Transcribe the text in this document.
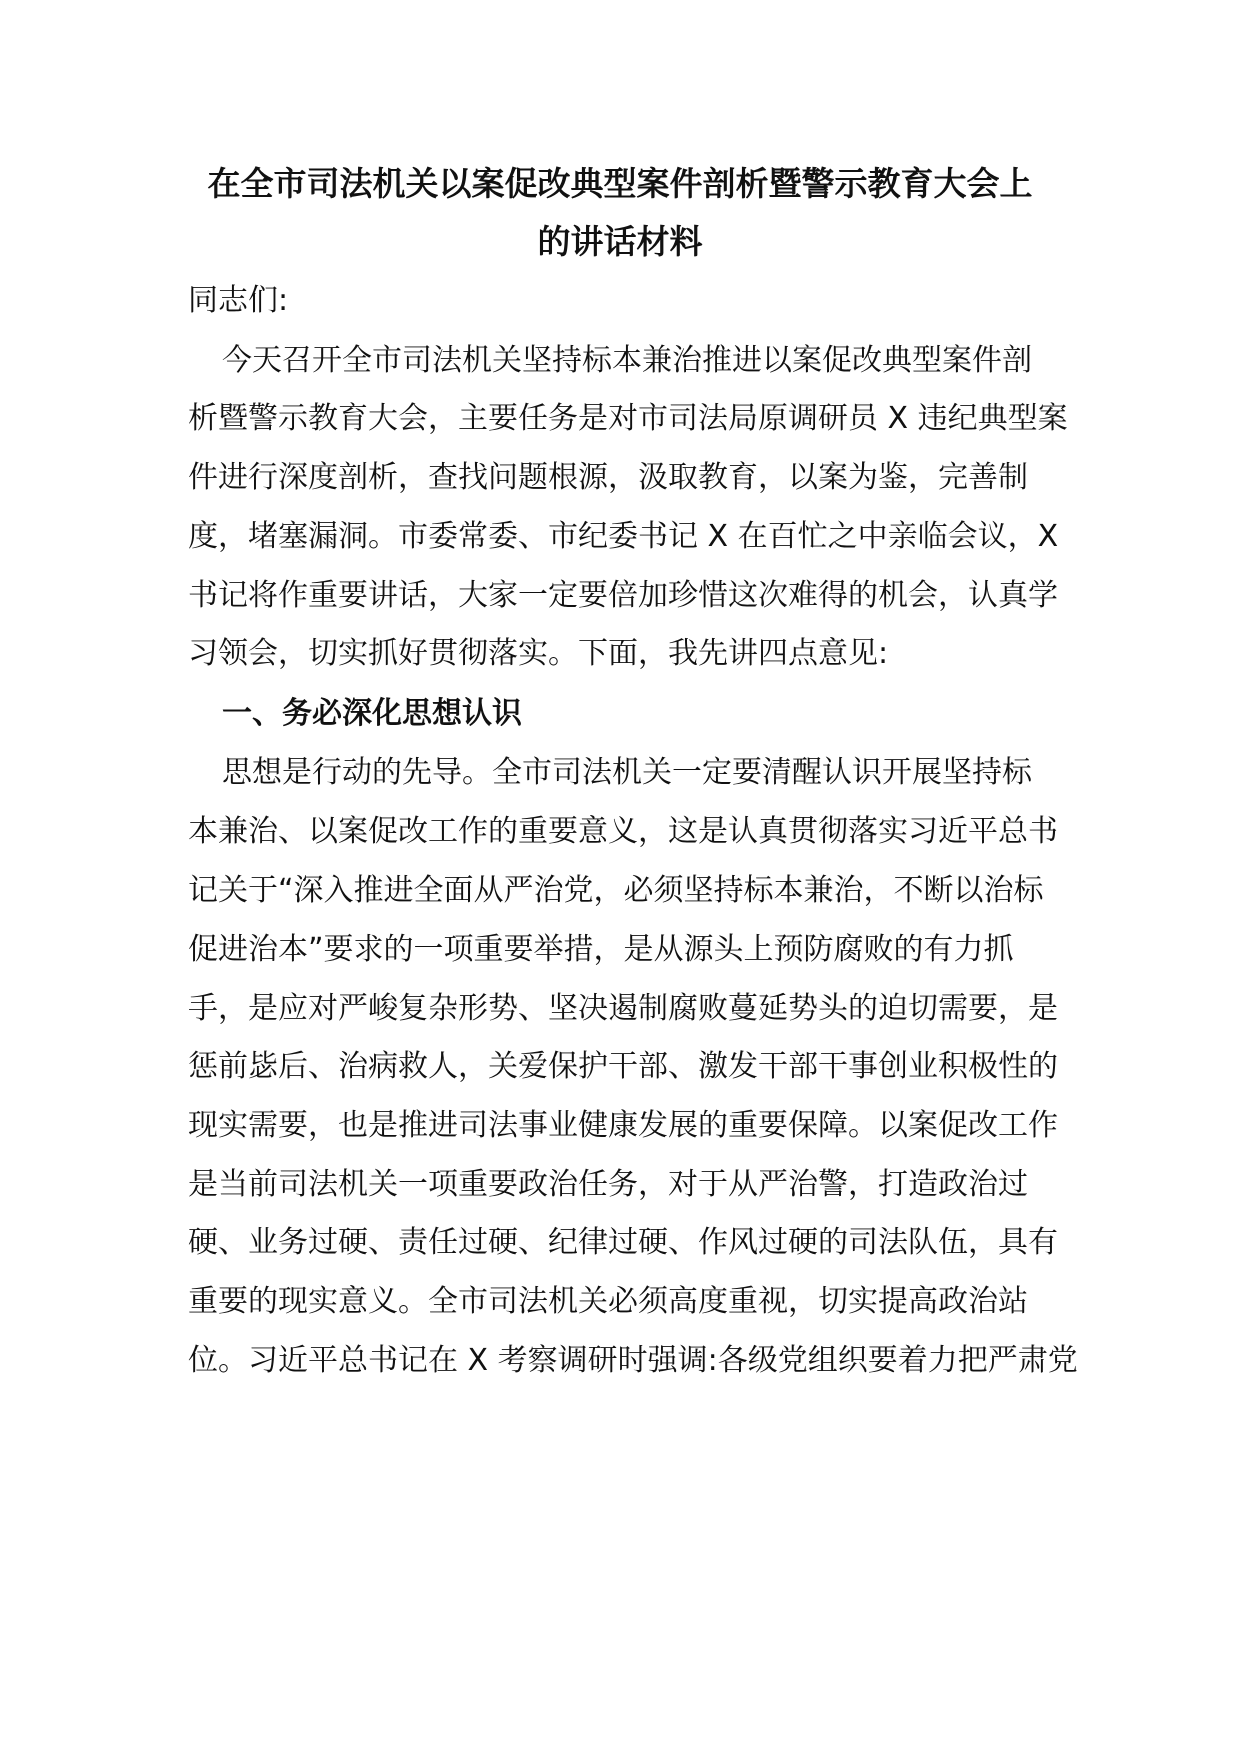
在全市司法机关以案促改典型案件剖析暨警示教育大会上
的讲话材料
同志们:
今天召开全市司法机关坚持标本兼治推进以案促改典型案件剖
析暨警示教育大会，主要任务是对市司法局原调研员 X 违纪典型案
件进行深度剖析，查找问题根源，汲取教育，以案为鉴，完善制
度，堵塞漏洞。市委常委、市纪委书记 X 在百忙之中亲临会议，X
书记将作重要讲话，大家一定要倍加珍惜这次难得的机会，认真学
习领会，切实抓好贯彻落实。下面，我先讲四点意见:
一、务必深化思想认识
思想是行动的先导。全市司法机关一定要清醒认识开展坚持标
本兼治、以案促改工作的重要意义，这是认真贯彻落实习近平总书
记关于“深入推进全面从严治党，必须坚持标本兼治，不断以治标
促进治本”要求的一项重要举措，是从源头上预防腐败的有力抓
手，是应对严峻复杂形势、坚决遏制腐败蔓延势头的迫切需要，是
惩前毖后、治病救人，关爱保护干部、激发干部干事创业积极性的
现实需要，也是推进司法事业健康发展的重要保障。以案促改工作
是当前司法机关一项重要政治任务，对于从严治警，打造政治过
硬、业务过硬、责任过硬、纪律过硬、作风过硬的司法队伍，具有
重要的现实意义。全市司法机关必须高度重视，切实提高政治站
位。习近平总书记在 X 考察调研时强调:各级党组织要着力把严肃党
